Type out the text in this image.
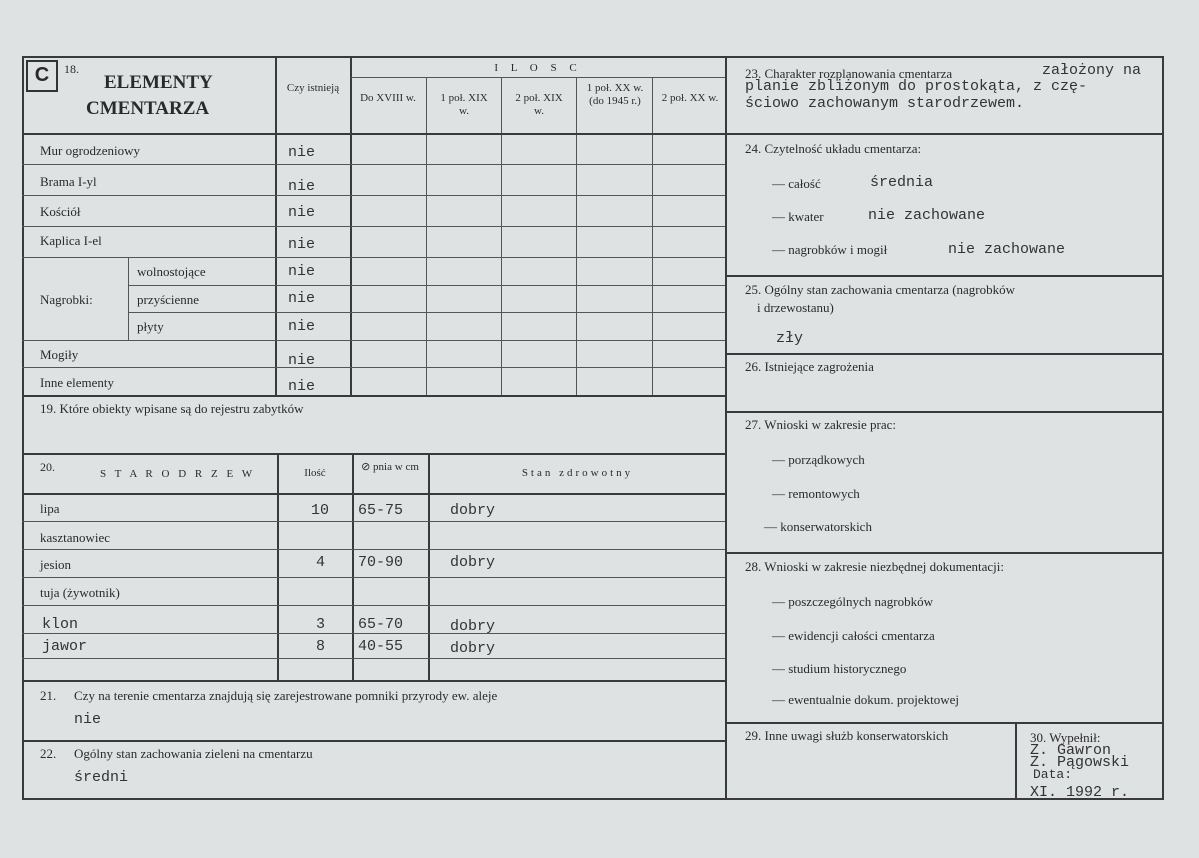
C	18.
ELEMENTY
CMENTARZA
Czy istnieją
I L O S C
Do XVIII w.	1 poł. XIX w.
2 poł. XIX w.
1 poł. XX w. (do 1945 r.)	2 poł. XX w.
Mur ogrodzeniowy	nie
Brama I-yl	nie
Kościół	nie
Kaplica I-el	nie
Nagrobki:
wolnostojące	nie
przyścienne	nie
płyty	nie
Mogiły	nie
Inne elementy	nie
19. Które obiekty wpisane są do rejestru zabytków
20.	S T A R O D R Z E W	Ilość	⊘ pnia w cm	Stan zdrowotny
lipa	10 65-75	dobry
kasztanowiec
jesion	4 70-90	dobry
tuja (żywotnik)
klon	3 65-70	dobry
jawor	8 40-55	dobry
21. Czy na terenie cmentarza znajdują się zarejestrowane pomniki przyrody ew. aleje
nie
22. Ogólny stan zachowania zieleni na cmentarzu
średni
23. Charakter rozplanowania cmentarza	założony na
planie zbliżonym do prostokąta, z czę-
ściowo zachowanym starodrzewem.
24. Czytelność układu cmentarza:
— całość	średnia
— kwater	nie zachowane
— nagrobków i mogił	nie zachowane
25. Ogólny stan zachowania cmentarza (nagrobków
i drzewostanu)
zły
26. Istniejące zagrożenia
27. Wnioski w zakresie prac:
— porządkowych
— remontowych
— konserwatorskich
28. Wnioski w zakresie niezbędnej dokumentacji:
— poszczególnych nagrobków
— ewidencji całości cmentarza
— studium historycznego
— ewentualnie dokum. projektowej
29. Inne uwagi służb konserwatorskich	30. Wypełnił:
Z. Gawron
Z. Pągowski
Data:
XI. 1992 r.
